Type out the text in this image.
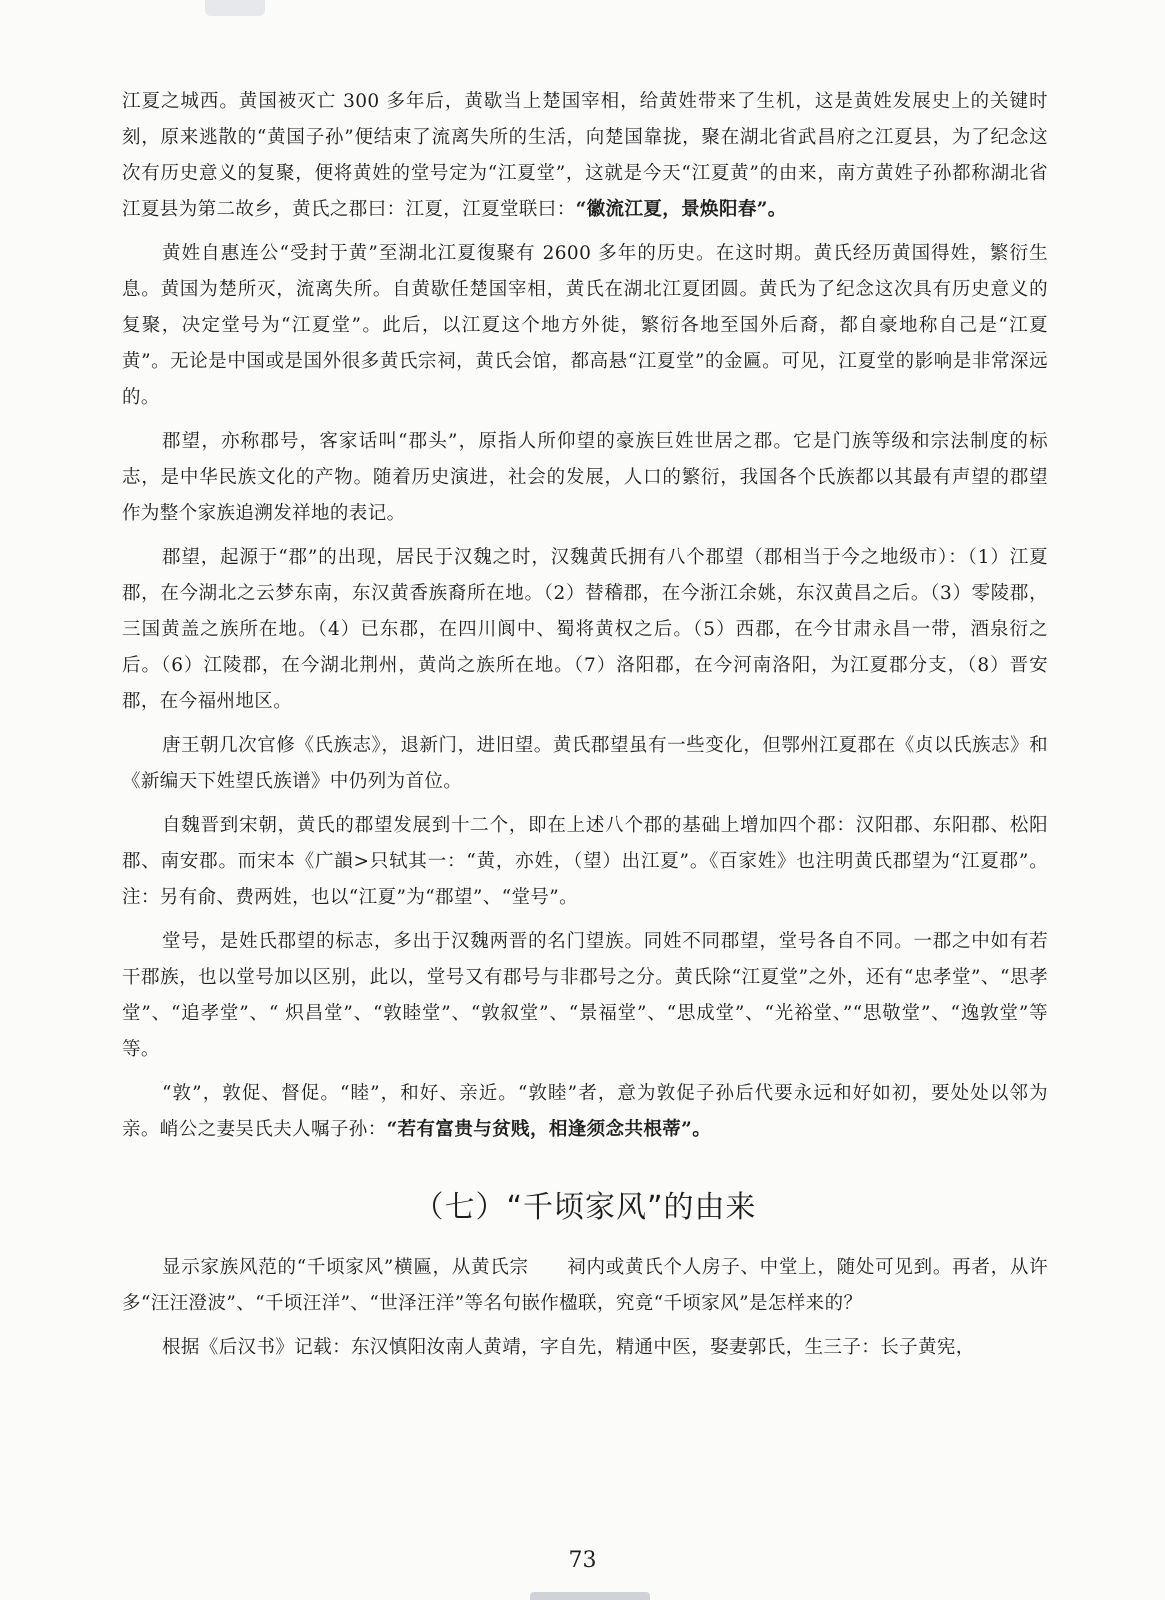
江夏之城西。黄国被灭亡 300 多年后，黄歇当上楚国宰相，给黄姓带来了生机，这是黄姓发展史上的关键时刻，原来逃散的“黄国子孙”便结束了流离失所的生活，向楚国靠拢，聚在湖北省武昌府之江夏县，为了纪念这次有历史意义的复聚，便将黄姓的堂号定为“江夏堂”，这就是今天“江夏黄”的由来，南方黄姓子孙都称湖北省江夏县为第二故乡，黄氏之郡曰：江夏，江夏堂联曰：“徽流江夏，景焕阳春”。

黄姓自惠连公“受封于黄”至湖北江夏復聚有 2600 多年的历史。在这时期。黄氏经历黄国得姓，繁衍生息。黄国为楚所灭，流离失所。自黄歇任楚国宰相，黄氏在湖北江夏团圆。黄氏为了纪念这次具有历史意义的复聚，决定堂号为“江夏堂”。此后，以江夏这个地方外徙，繁衍各地至国外后裔，都自豪地称自己是“江夏黄”。无论是中国或是国外很多黄氏宗祠，黄氏会馆，都高悬“江夏堂”的金匾。可见，江夏堂的影响是非常深远的。

郡望，亦称郡号，客家话叫“郡头”，原指人所仰望的豪族巨姓世居之郡。它是门族等级和宗法制度的标志，是中华民族文化的产物。随着历史演进，社会的发展，人口的繁衍，我国各个氏族都以其最有声望的郡望作为整个家族追溯发祥地的表记。

郡望，起源于“郡”的出现，居民于汉魏之时，汉魏黄氏拥有八个郡望（郡相当于今之地级市）：（1）江夏郡，在今湖北之云梦东南，东汉黄香族裔所在地。（2）替稽郡，在今浙江余姚，东汉黄昌之后。（3）零陵郡，三国黄盖之族所在地。（4）已东郡，在四川阆中、蜀将黄权之后。（5）西郡，在今甘肃永昌一带，酒泉衍之后。（6）江陵郡，在今湖北荆州，黄尚之族所在地。（7）洛阳郡，在今河南洛阳，为江夏郡分支，（8）晋安郡，在今福州地区。

唐王朝几次官修《氏族志》，退新门，进旧望。黄氏郡望虽有一些变化，但鄂州江夏郡在《贞以氏族志》和《新编天下姓望氏族谱》中仍列为首位。

自魏晋到宋朝，黄氏的郡望发展到十二个，即在上述八个郡的基础上增加四个郡：汉阳郡、东阳郡、松阳郡、南安郡。而宋本《广韻>只轼其一：“黄，亦姓，（望）出江夏”。《百家姓》也注明黄氏郡望为“江夏郡”。注：另有俞、费两姓，也以“江夏”为“郡望”、“堂号”。

堂号，是姓氏郡望的标志，多出于汉魏两晋的名门望族。同姓不同郡望，堂号各自不同。一郡之中如有若干郡族，也以堂号加以区别，此以，堂号又有郡号与非郡号之分。黄氏除“江夏堂”之外，还有“忠孝堂”、“思孝堂”、“追孝堂”、“ 炽昌堂”、“敦睦堂”、“敦叙堂”、“景福堂”、“思成堂”、“光裕堂、”“思敬堂”、“逸敦堂”等等。

“敦”，敦促、督促。“睦”，和好、亲近。“敦睦”者，意为敦促子孙后代要永远和好如初，要处处以邻为亲。峭公之妻吴氏夫人嘱子孙：“若有富贵与贫贱，相逢须念共根蒂”。

（七）“千顷家风”的由来

显示家族风范的“千顷家风”横匾，从黄氏宗　　祠内或黄氏个人房子、中堂上，随处可见到。再者，从许多“汪汪澄波”、“千顷汪洋”、“世泽汪洋”等名句嵌作楹联，究竟“千顷家风”是怎样来的？

根据《后汉书》记载：东汉慎阳汝南人黄靖，字自先，精通中医，娶妻郭氏，生三子：长子黄宪，

73
